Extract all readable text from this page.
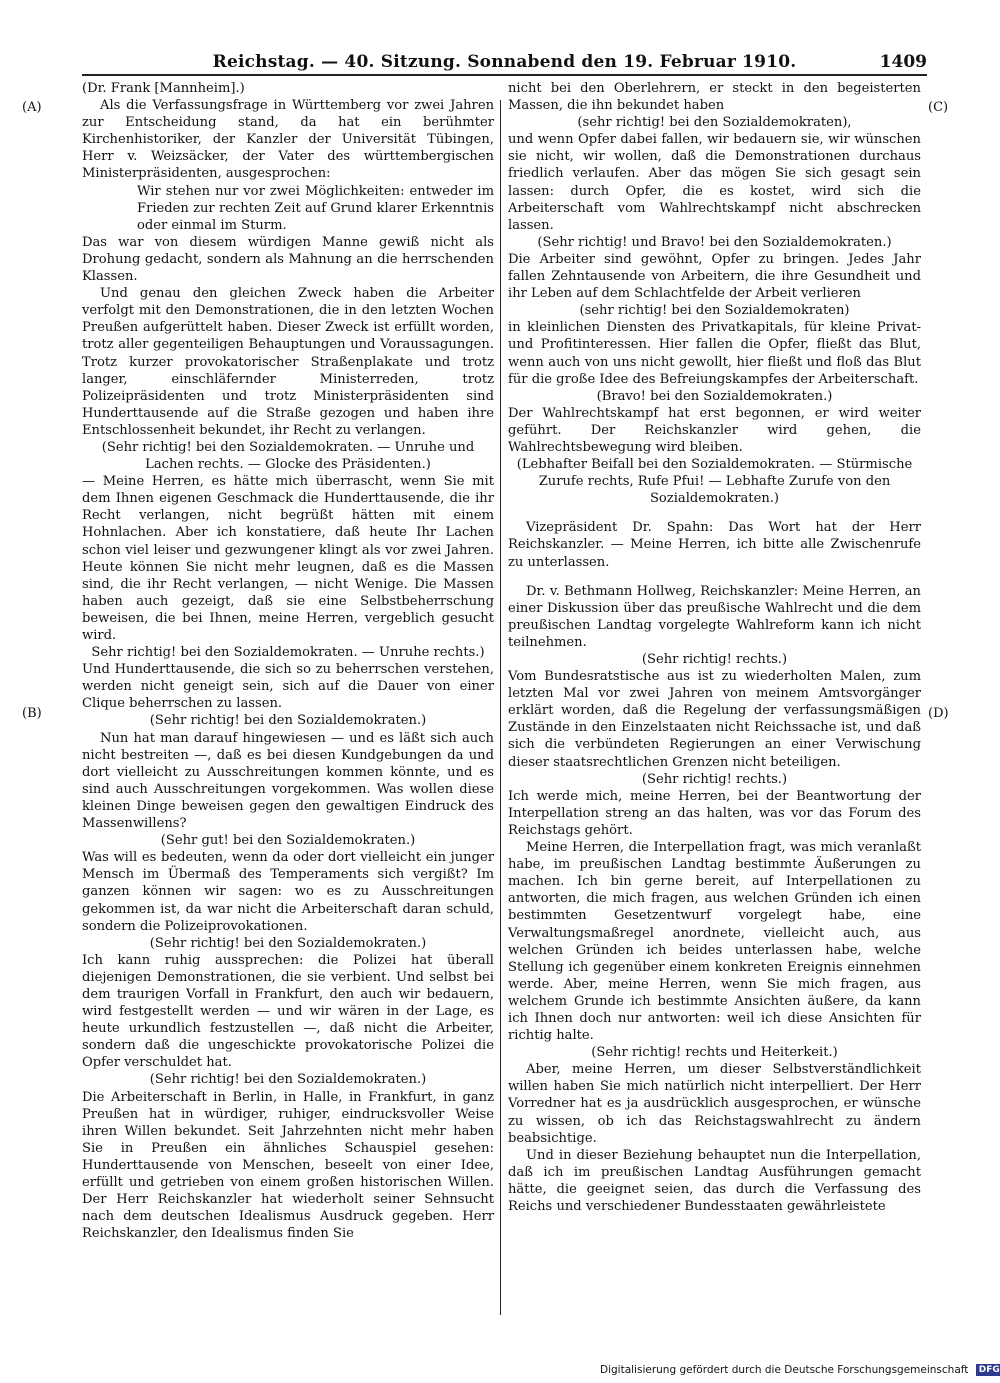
Reichstag. — 40. Sitzung. Sonnabend den 19. Februar 1910.	1409
(A)
(B)
(C)
(D)

(Dr. Frank [Mannheim].)

Als die Verfassungsfrage in Württemberg vor zwei Jahren zur Entscheidung stand, da hat ein berühmter Kirchenhistoriker, der Kanzler der Universität Tübingen, Herr v. Weizsäcker, der Vater des württembergischen Ministerpräsidenten, ausgesprochen:

Wir stehen nur vor zwei Möglichkeiten: entweder im Frieden zur rechten Zeit auf Grund klarer Erkenntnis oder einmal im Sturm.

Das war von diesem würdigen Manne gewiß nicht als Drohung gedacht, sondern als Mahnung an die herrschenden Klassen.

Und genau den gleichen Zweck haben die Arbeiter verfolgt mit den Demonstrationen, die in den letzten Wochen Preußen aufgerüttelt haben. Dieser Zweck ist erfüllt worden, trotz aller gegenteiligen Behauptungen und Voraussagungen. Trotz kurzer provokatorischer Straßenplakate und trotz langer, einschläfernder Ministerreden, trotz Polizeipräsidenten und trotz Ministerpräsidenten sind Hunderttausende auf die Straße gezogen und haben ihre Entschlossenheit bekundet, ihr Recht zu verlangen.

(Sehr richtig! bei den Sozialdemokraten. — Unruhe und Lachen rechts. — Glocke des Präsidenten.)

— Meine Herren, es hätte mich überrascht, wenn Sie mit dem Ihnen eigenen Geschmack die Hunderttausende, die ihr Recht verlangen, nicht begrüßt hätten mit einem Hohnlachen. Aber ich konstatiere, daß heute Ihr Lachen schon viel leiser und gezwungener klingt als vor zwei Jahren. Heute können Sie nicht mehr leugnen, daß es die Massen sind, die ihr Recht verlangen, — nicht Wenige. Die Massen haben auch gezeigt, daß sie eine Selbstbeherrschung beweisen, die bei Ihnen, meine Herren, vergeblich gesucht wird.

Sehr richtig! bei den Sozialdemokraten. — Unruhe rechts.)

Und Hunderttausende, die sich so zu beherrschen verstehen, werden nicht geneigt sein, sich auf die Dauer von einer Clique beherrschen zu lassen.

(Sehr richtig! bei den Sozialdemokraten.)

Nun hat man darauf hingewiesen — und es läßt sich auch nicht bestreiten —, daß es bei diesen Kundgebungen da und dort vielleicht zu Ausschreitungen kommen könnte, und es sind auch Ausschreitungen vorgekommen. Was wollen diese kleinen Dinge beweisen gegen den gewaltigen Eindruck des Massenwillens?

(Sehr gut! bei den Sozialdemokraten.)

Was will es bedeuten, wenn da oder dort vielleicht ein junger Mensch im Übermaß des Temperaments sich vergißt? Im ganzen können wir sagen: wo es zu Ausschreitungen gekommen ist, da war nicht die Arbeiterschaft daran schuld, sondern die Polizeiprovokationen.

(Sehr richtig! bei den Sozialdemokraten.)

Ich kann ruhig aussprechen: die Polizei hat überall diejenigen Demonstrationen, die sie verbient. Und selbst bei dem traurigen Vorfall in Frankfurt, den auch wir bedauern, wird festgestellt werden — und wir wären in der Lage, es heute urkundlich festzustellen —, daß nicht die Arbeiter, sondern daß die ungeschickte provokatorische Polizei die Opfer verschuldet hat.

(Sehr richtig! bei den Sozialdemokraten.)

Die Arbeiterschaft in Berlin, in Halle, in Frankfurt, in ganz Preußen hat in würdiger, ruhiger, eindrucksvoller Weise ihren Willen bekundet. Seit Jahrzehnten nicht mehr haben Sie in Preußen ein ähnliches Schauspiel gesehen: Hunderttausende von Menschen, beseelt von einer Idee, erfüllt und getrieben von einem großen historischen Willen. Der Herr Reichskanzler hat wiederholt seiner Sehnsucht nach dem deutschen Idealismus Ausdruck gegeben. Herr Reichskanzler, den Idealismus finden Sie

nicht bei den Oberlehrern, er steckt in den begeisterten Massen, die ihn bekundet haben

(sehr richtig! bei den Sozialdemokraten),

und wenn Opfer dabei fallen, wir bedauern sie, wir wünschen sie nicht, wir wollen, daß die Demonstrationen durchaus friedlich verlaufen. Aber das mögen Sie sich gesagt sein lassen: durch Opfer, die es kostet, wird sich die Arbeiterschaft vom Wahlrechtskampf nicht abschrecken lassen.

(Sehr richtig! und Bravo! bei den Sozialdemokraten.)

Die Arbeiter sind gewöhnt, Opfer zu bringen. Jedes Jahr fallen Zehntausende von Arbeitern, die ihre Gesundheit und ihr Leben auf dem Schlachtfelde der Arbeit verlieren

(sehr richtig! bei den Sozialdemokraten)

in kleinlichen Diensten des Privatkapitals, für kleine Privat- und Profitinteressen. Hier fallen die Opfer, fließt das Blut, wenn auch von uns nicht gewollt, hier fließt und floß das Blut für die große Idee des Befreiungskampfes der Arbeiterschaft.

(Bravo! bei den Sozialdemokraten.)

Der Wahlrechtskampf hat erst begonnen, er wird weiter geführt. Der Reichskanzler wird gehen, die Wahlrechtsbewegung wird bleiben.

(Lebhafter Beifall bei den Sozialdemokraten. — Stürmische Zurufe rechts, Rufe Pfui! — Lebhafte Zurufe von den Sozialdemokraten.)

Vizepräsident Dr. Spahn: Das Wort hat der Herr Reichskanzler. — Meine Herren, ich bitte alle Zwischenrufe zu unterlassen.

Dr. v. Bethmann Hollweg, Reichskanzler: Meine Herren, an einer Diskussion über das preußische Wahlrecht und die dem preußischen Landtag vorgelegte Wahlreform kann ich nicht teilnehmen.

(Sehr richtig! rechts.)

Vom Bundesratstische aus ist zu wiederholten Malen, zum letzten Mal vor zwei Jahren von meinem Amtsvorgänger erklärt worden, daß die Regelung der verfassungsmäßigen Zustände in den Einzelstaaten nicht Reichssache ist, und daß sich die verbündeten Regierungen an einer Verwischung dieser staatsrechtlichen Grenzen nicht beteiligen.

(Sehr richtig! rechts.)

Ich werde mich, meine Herren, bei der Beantwortung der Interpellation streng an das halten, was vor das Forum des Reichstags gehört.

Meine Herren, die Interpellation fragt, was mich veranlaßt habe, im preußischen Landtag bestimmte Äußerungen zu machen. Ich bin gerne bereit, auf Interpellationen zu antworten, die mich fragen, aus welchen Gründen ich einen bestimmten Gesetzentwurf vorgelegt habe, eine Verwaltungsmaßregel anordnete, vielleicht auch, aus welchen Gründen ich beides unterlassen habe, welche Stellung ich gegenüber einem konkreten Ereignis einnehmen werde. Aber, meine Herren, wenn Sie mich fragen, aus welchem Grunde ich bestimmte Ansichten äußere, da kann ich Ihnen doch nur antworten: weil ich diese Ansichten für richtig halte.

(Sehr richtig! rechts und Heiterkeit.)

Aber, meine Herren, um dieser Selbstverständlichkeit willen haben Sie mich natürlich nicht interpelliert. Der Herr Vorredner hat es ja ausdrücklich ausgesprochen, er wünsche zu wissen, ob ich das Reichstagswahlrecht zu ändern beabsichtige.

Und in dieser Beziehung behauptet nun die Interpellation, daß ich im preußischen Landtag Ausführungen gemacht hätte, die geeignet seien, das durch die Verfassung des Reichs und verschiedener Bundesstaaten gewährleistete

Digitalisierung gefördert durch die Deutsche Forschungsgemeinschaft DFG
